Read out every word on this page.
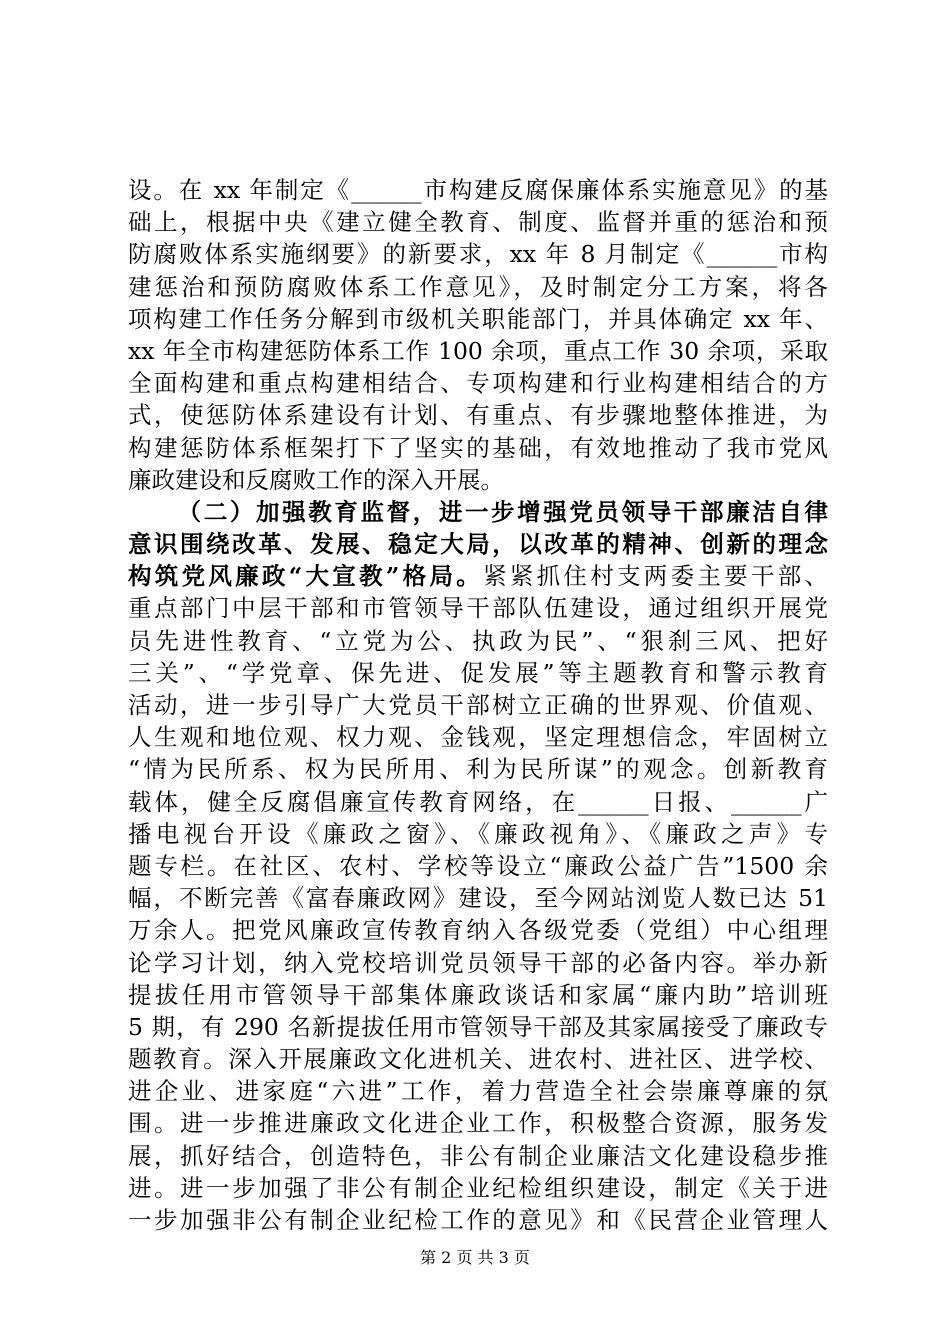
设。在 xx 年制定《______市构建反腐保廉体系实施意见》的基
础上，根据中央《建立健全教育、制度、监督并重的惩治和预
防腐败体系实施纲要》的新要求，xx 年 8 月制定《______市构
建惩治和预防腐败体系工作意见》，及时制定分工方案，将各
项构建工作任务分解到市级机关职能部门，并具体确定 xx 年、
xx 年全市构建惩防体系工作 100 余项，重点工作 30 余项，采取
全面构建和重点构建相结合、专项构建和行业构建相结合的方
式，使惩防体系建设有计划、有重点、有步骤地整体推进，为
构建惩防体系框架打下了坚实的基础，有效地推动了我市党风
廉政建设和反腐败工作的深入开展。
（二）加强教育监督，进一步增强党员领导干部廉洁自律
意识围绕改革、发展、稳定大局，以改革的精神、创新的理念
构筑党风廉政“大宣教”格局。紧紧抓住村支两委主要干部、
重点部门中层干部和市管领导干部队伍建设，通过组织开展党
员先进性教育、“立党为公、执政为民”、“狠刹三风、把好
三关”、“学党章、保先进、促发展”等主题教育和警示教育
活动，进一步引导广大党员干部树立正确的世界观、价值观、
人生观和地位观、权力观、金钱观，坚定理想信念，牢固树立
“情为民所系、权为民所用、利为民所谋”的观念。创新教育
载体，健全反腐倡廉宣传教育网络，在______日报、______广
播电视台开设《廉政之窗》、《廉政视角》、《廉政之声》专
题专栏。在社区、农村、学校等设立“廉政公益广告”1500 余
幅，不断完善《富春廉政网》建设，至今网站浏览人数已达 51
万余人。把党风廉政宣传教育纳入各级党委（党组）中心组理
论学习计划，纳入党校培训党员领导干部的必备内容。举办新
提拔任用市管领导干部集体廉政谈话和家属“廉内助”培训班
5 期，有 290 名新提拔任用市管领导干部及其家属接受了廉政专
题教育。深入开展廉政文化进机关、进农村、进社区、进学校、
进企业、进家庭“六进”工作，着力营造全社会崇廉尊廉的氛
围。进一步推进廉政文化进企业工作，积极整合资源，服务发
展，抓好结合，创造特色，非公有制企业廉洁文化建设稳步推
进。进一步加强了非公有制企业纪检组织建设，制定《关于进
一步加强非公有制企业纪检工作的意见》和《民营企业管理人
第 2 页 共 3 页
